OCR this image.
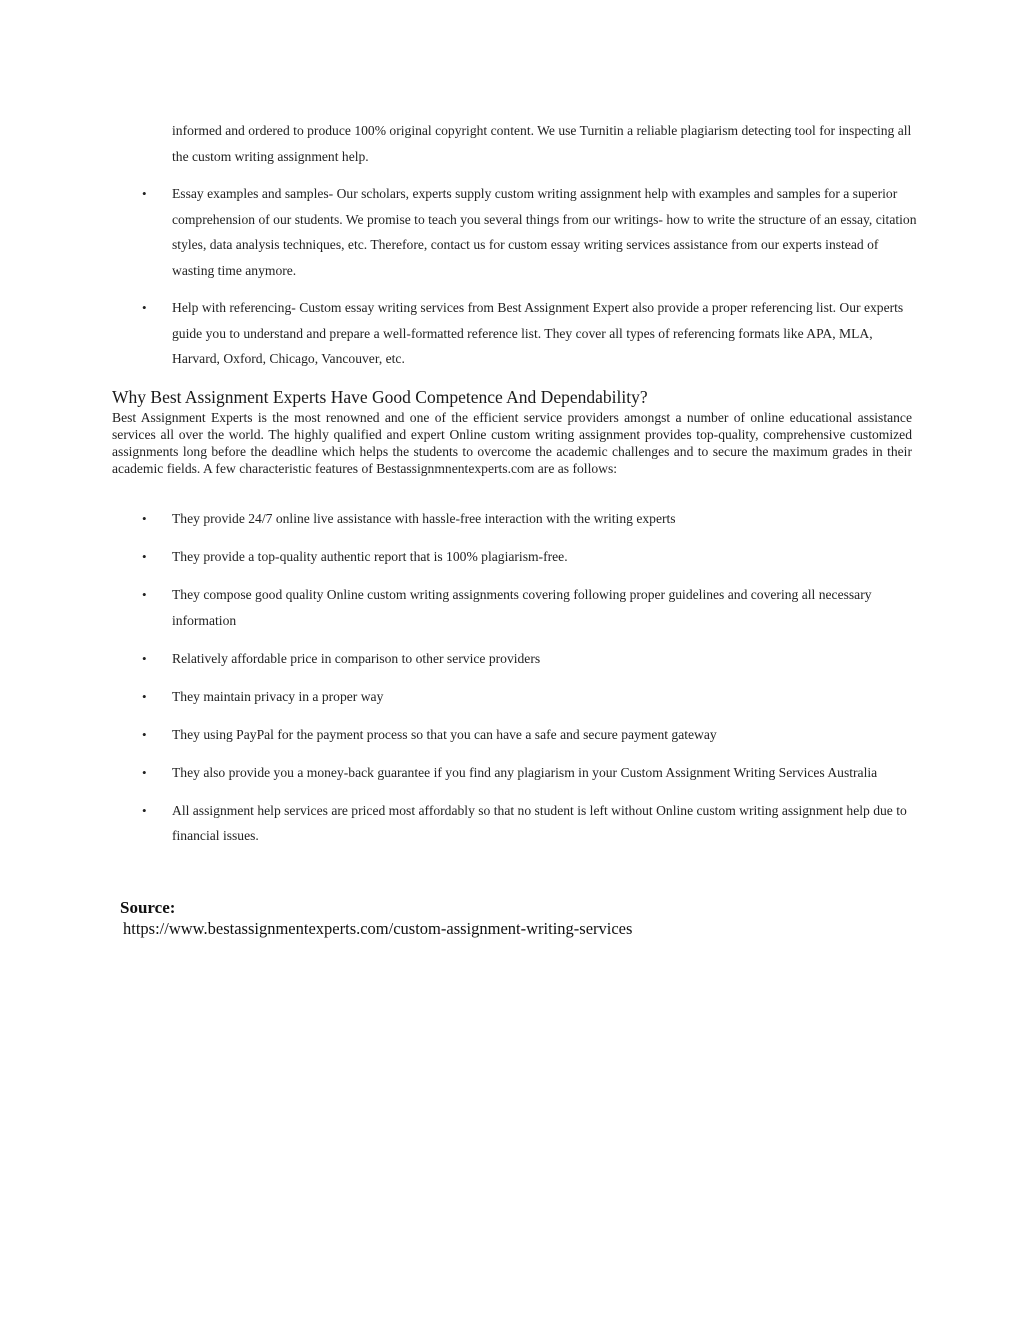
informed and ordered to produce 100% original copyright content. We use Turnitin a reliable plagiarism detecting tool for inspecting all the custom writing assignment help.

• Essay examples and samples- Our scholars, experts supply custom writing assignment help with examples and samples for a superior comprehension of our students. We promise to teach you several things from our writings- how to write the structure of an essay, citation styles, data analysis techniques, etc. Therefore, contact us for custom essay writing services assistance from our experts instead of wasting time anymore.
• Help with referencing- Custom essay writing services from Best Assignment Expert also provide a proper referencing list. Our experts guide you to understand and prepare a well-formatted reference list. They cover all types of referencing formats like APA, MLA, Harvard, Oxford, Chicago, Vancouver, etc.
Why Best Assignment Experts Have Good Competence And Dependability?

Best Assignment Experts is the most renowned and one of the efficient service providers amongst a number of online educational assistance services all over the world. The highly qualified and expert Online custom writing assignment provides top-quality, comprehensive customized assignments long before the deadline which helps the students to overcome the academic challenges and to secure the maximum grades in their academic fields. A few characteristic features of Bestassignmnentexperts.com are as follows:

• They provide 24/7 online live assistance with hassle-free interaction with the writing experts
• They provide a top-quality authentic report that is 100% plagiarism-free.
• They compose good quality Online custom writing assignments covering following proper guidelines and covering all necessary information
• Relatively affordable price in comparison to other service providers
• They maintain privacy in a proper way
• They using PayPal for the payment process so that you can have a safe and secure payment gateway
• They also provide you a money-back guarantee if you find any plagiarism in your Custom Assignment Writing Services Australia
• All assignment help services are priced most affordably so that no student is left without Online custom writing assignment help due to financial issues.

Source:

https://www.bestassignmentexperts.com/custom-assignment-writing-services
